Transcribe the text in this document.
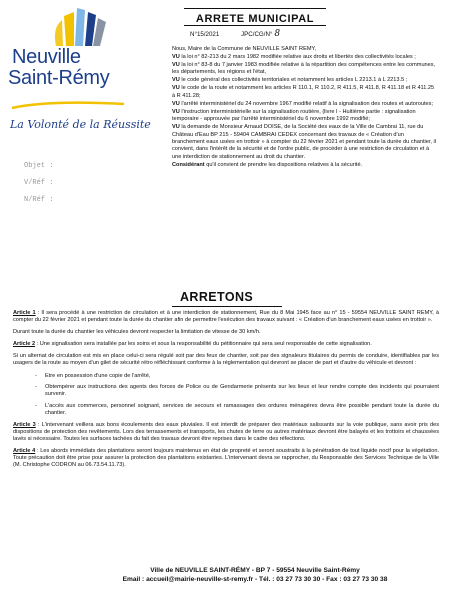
Neuville
Saint-Rémy
La Volonté de la Réussite
Objet :
V/Réf :
N/Réf :
ARRETE MUNICIPAL
N°15/2021	JPC/CG/N° 8

Nous, Maire de la Commune de NEUVILLE SAINT REMY,

VU la loi n° 82-213 du 2 mars 1982 modifiée relative aux droits et libertés des collectivités locales ;

VU la loi n° 83-8 du 7 janvier 1983 modifiée relative à la répartition des compétences entre les communes, les départements, les régions et l'état,

VU le code général des collectivités territoriales et notamment les articles L 2213.1 à L 2213.5 ;

VU le code de la route et notamment les articles R 110.1, R 110.2, R 411.5, R 411.8, R 411.18 et R 411.25 à R 411.28;

VU l'arrêté interministériel du 24 novembre 1967 modifié relatif à la signalisation des routes et autoroutes;

VU l'instruction interministérielle sur la signalisation routière, (livre I - Huitième partie : signalisation temporaire - approuvée par l'arrêté interministériel du 6 novembre 1992 modifié;

VU la demande de Monsieur Arnaud DOISE, de la Société des eaux de la Ville de Cambrai 11, rue du Château d'Eau BP 215 - 59404 CAMBRAI CEDEX concernant des travaux de « Création d'un branchement eaux usées en trottoir » à compter du 22 février 2021 et pendant toute la durée du chantier, il convient, dans l'intérêt de la sécurité et de l'ordre public, de procéder à une restriction de circulation et à une interdiction de stationnement au droit du chantier.

Considérant qu'il convient de prendre les dispositions relatives à la sécurité.

ARRETONS

Article 1 : Il sera procédé à une restriction de circulation et à une interdiction de stationnement, Rue du 8 Mai 1945 face au n° 15 - 59554 NEUVILLE SAINT REMY, à compter du 22 février 2021 et pendant toute la durée du chantier afin de permettre l'exécution des travaux suivant : « Création d'un branchement eaux usées en trottoir ».

Durant toute la durée du chantier les véhicules devront respecter la limitation de vitesse de 30 km/h.

Article 2 : Une signalisation sera installée par les soins et sous la responsabilité du pétitionnaire qui sera seul responsable de cette signalisation.

Si un alternat de circulation est mis en place celui-ci sera régulé soit par des feux de chantier, soit par des signaleurs titulaires du permis de conduire, identifiables par les usagers de la route au moyen d'un gilet de sécurité rétro réfléchissant conforme à la réglementation qui devront se placer de part et d'autre du véhicule et devront :

- Etre en possession d'une copie de l'arrêté,
- Obtempérer aux instructions des agents des forces de Police ou de Gendarmerie présents sur les lieux et leur rendre compte des incidents qui pourraient survenir.
- L'accès aux commerces, personnel soignant, services de secours et ramassages des ordures ménagères devra être possible pendant toute la durée du chantier.

Article 3 : L'intervenant veillera aux bons écoulements des eaux pluviales. Il est interdit de préparer des matériaux salissants sur la voie publique, sans avoir pris des dispositions de protection des revêtements. Lors des terrassements et transports, les chutes de terre ou autres matériaux devront être balayés et les trottoirs et chaussées lavés si nécessaire. Toutes les surfaces tachées du fait des travaux devront être reprises dans le cadre des réfections.

Article 4 : Les abords immédiats des plantations seront toujours maintenus en état de propreté et seront soustraits à la pénétration de tout liquide nocif pour la végétation. Toute précaution doit être prise pour assurer la protection des plantations existantes. L'intervenant devra se rapprocher, du Responsable des Services Technique de la Ville (M. Christophe CODRON au 06.73.54.11.73).

Ville de NEUVILLE SAINT-RÉMY - BP 7 - 59554 Neuville Saint-Rémy
Email : accueil@mairie-neuville-st-remy.fr - Tél. : 03 27 73 30 30 - Fax : 03 27 73 30 38
